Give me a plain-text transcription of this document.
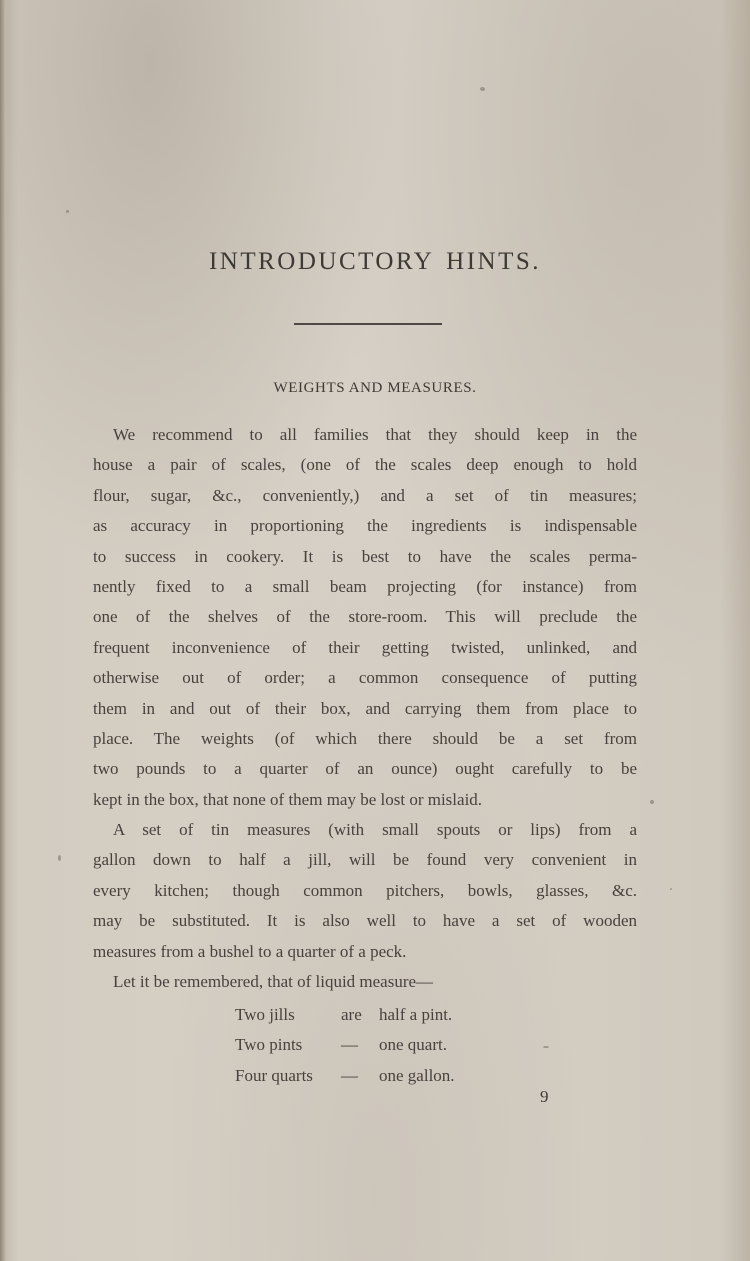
INTRODUCTORY HINTS.
WEIGHTS AND MEASURES.
We recommend to all families that they should keep in the
house a pair of scales, (one of the scales deep enough to hold
flour, sugar, &c., conveniently,) and a set of tin measures;
as accuracy in proportioning the ingredients is indispensable
to success in cookery. It is best to have the scales perma-
nently fixed to a small beam projecting (for instance) from
one of the shelves of the store-room. This will preclude the
frequent inconvenience of their getting twisted, unlinked, and
otherwise out of order; a common consequence of putting
them in and out of their box, and carrying them from place to
place. The weights (of which there should be a set from
two pounds to a quarter of an ounce) ought carefully to be
kept in the box, that none of them may be lost or mislaid.
A set of tin measures (with small spouts or lips) from a
gallon down to half a jill, will be found very convenient in
every kitchen; though common pitchers, bowls, glasses, &c.
may be substituted. It is also well to have a set of wooden
measures from a bushel to a quarter of a peck.
Let it be remembered, that of liquid measure—
Two jills	are	half a pint.
Two pints	—	one quart.
Four quarts	—	one gallon.
9
